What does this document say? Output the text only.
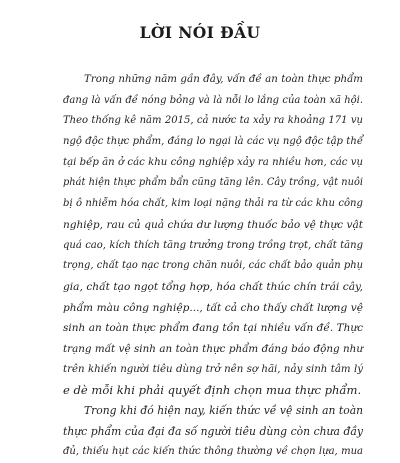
LỜI NÓI ĐẦU
Trong những năm gần đây, vấn đề an toàn thực phẩm
đang là vấn đề nóng bỏng và là nỗi lo lắng của toàn xã hội.
Theo thống kê năm 2015, cả nước ta xảy ra khoảng 171 vụ
ngộ độc thực phẩm, đáng lo ngại là các vụ ngộ độc tập thể
tại bếp ăn ở các khu công nghiệp xảy ra nhiều hơn, các vụ
phát hiện thực phẩm bẩn cũng tăng lên. Cây trồng, vật nuôi
bị ô nhiễm hóa chất, kim loại nặng thải ra từ các khu công
nghiệp, rau củ quả chứa dư lượng thuốc bảo vệ thực vật
quá cao, kích thích tăng trưởng trong trồng trọt, chất tăng
trọng, chất tạo nạc trong chăn nuôi, các chất bảo quản phụ
gia, chất tạo ngọt tổng hợp, hóa chất thúc chín trái cây,
phẩm màu công nghiệp..., tất cả cho thấy chất lượng vệ
sinh an toàn thực phẩm đang tồn tại nhiều vấn đề. Thực
trạng mất vệ sinh an toàn thực phẩm đáng báo động như
trên khiến người tiêu dùng trở nên sợ hãi, nảy sinh tâm lý
e dè mỗi khi phải quyết định chọn mua thực phẩm.
Trong khi đó hiện nay, kiến thức về vệ sinh an toàn
thực phẩm của đại đa số người tiêu dùng còn chưa đầy
đủ, thiếu hụt các kiến thức thông thường về chọn lựa, mua
